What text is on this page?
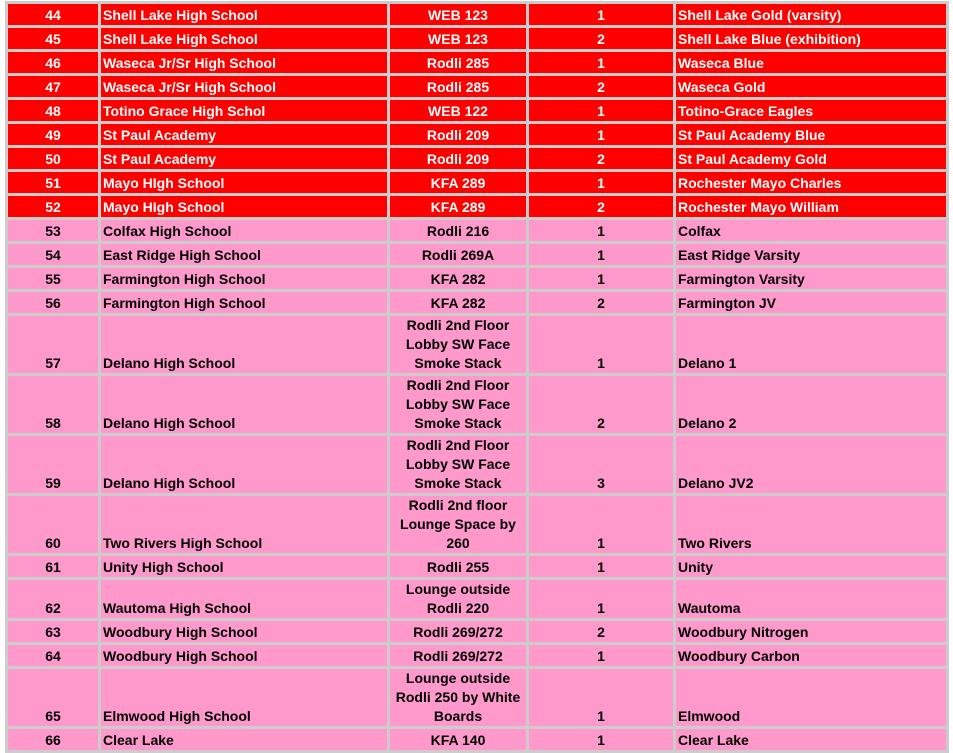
44	Shell Lake High School	WEB 123	1	Shell Lake Gold (varsity)
45	Shell Lake High School	WEB 123	2	Shell Lake Blue (exhibition)
46	Waseca Jr/Sr High School	Rodli 285	1	Waseca Blue
47	Waseca Jr/Sr High School	Rodli 285	2	Waseca Gold
48	Totino Grace High Schol	WEB 122	1	Totino-Grace Eagles
49	St Paul Academy	Rodli 209	1	St Paul Academy Blue
50	St Paul Academy	Rodli 209	2	St Paul Academy Gold
51	Mayo HIgh School	KFA 289	1	Rochester Mayo Charles
52	Mayo HIgh School	KFA 289	2	Rochester Mayo William
53	Colfax High School	Rodli 216	1	Colfax
54	East Ridge High School	Rodli 269A	1	East Ridge Varsity
55	Farmington High School	KFA 282	1	Farmington Varsity
56	Farmington High School	KFA 282	2	Farmington JV
57	Delano High School	Rodli 2nd Floor Lobby SW Face Smoke Stack	1	Delano 1
58	Delano High School	Rodli 2nd Floor Lobby SW Face Smoke Stack	2	Delano 2
59	Delano High School	Rodli 2nd Floor Lobby SW Face Smoke Stack	3	Delano JV2
60	Two Rivers High School	Rodli 2nd floor Lounge Space by 260	1	Two Rivers
61	Unity High School	Rodli 255	1	Unity
62	Wautoma High School	Lounge outside Rodli 220	1	Wautoma
63	Woodbury High School	Rodli 269/272	2	Woodbury Nitrogen
64	Woodbury High School	Rodli 269/272	1	Woodbury Carbon
65	Elmwood High School	Lounge outside Rodli 250 by White Boards	1	Elmwood
66	Clear Lake	KFA 140	1	Clear Lake
